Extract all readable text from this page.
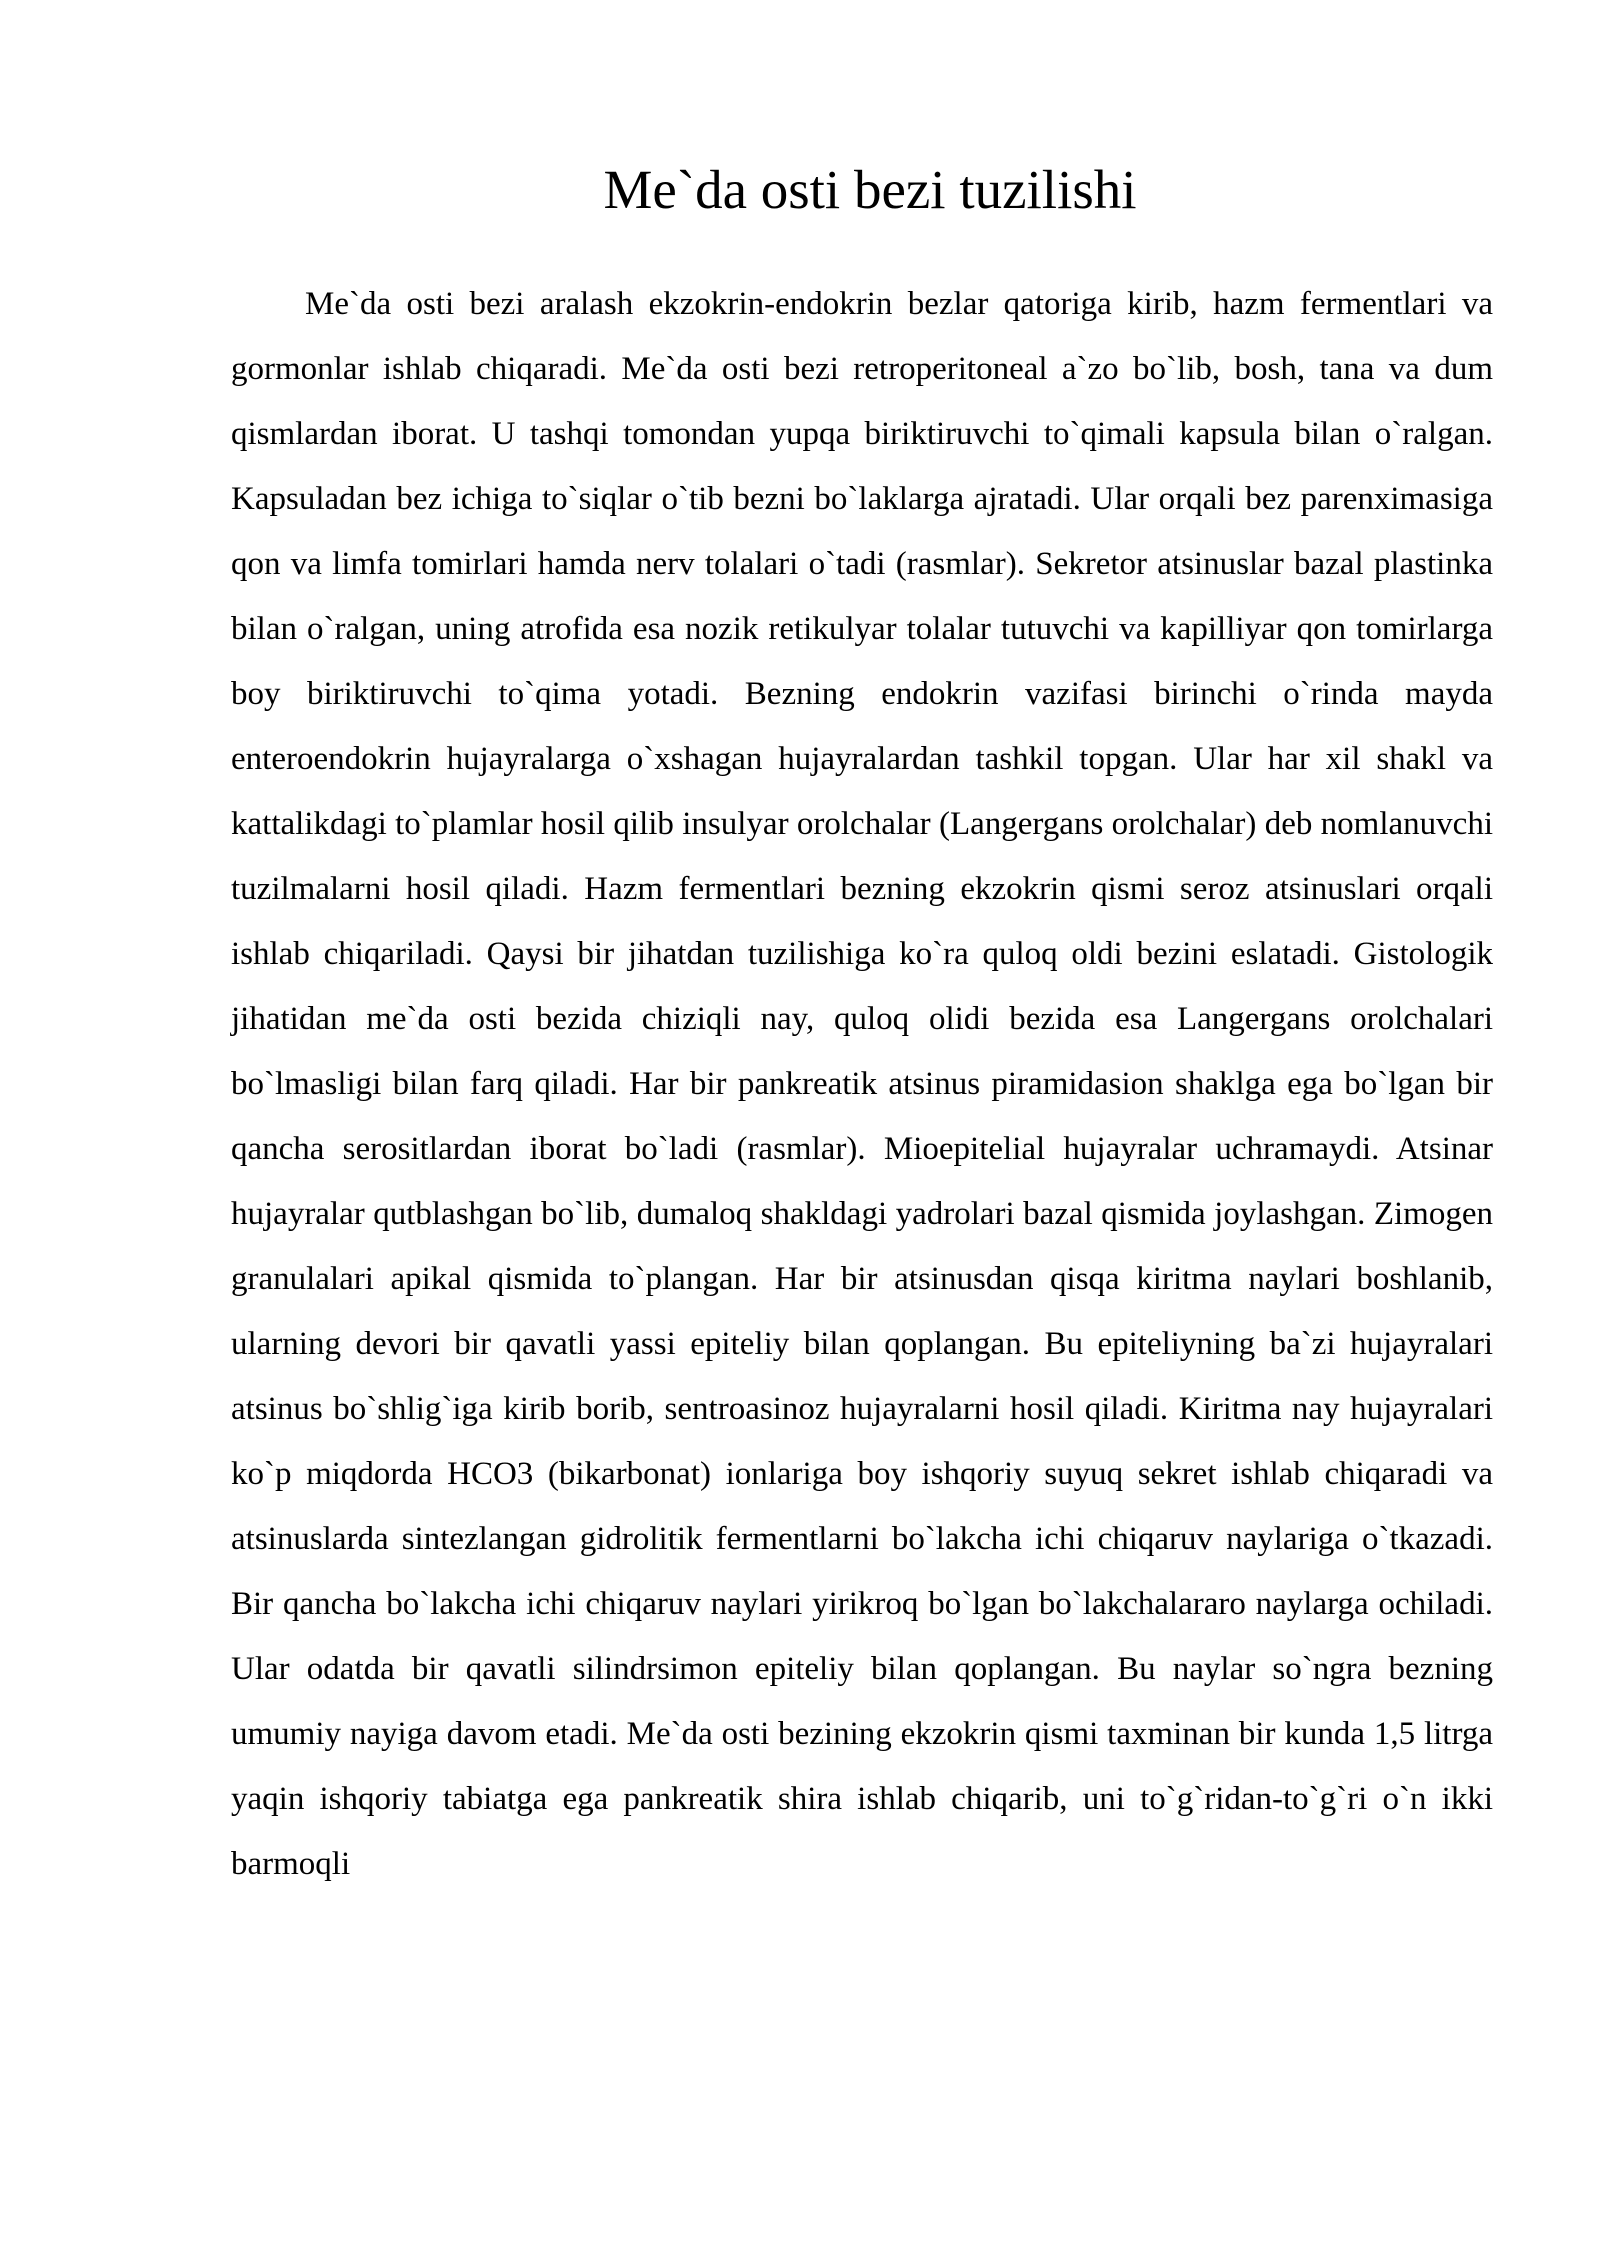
Me`da osti bezi tuzilishi

Me`da osti bezi aralash ekzokrin-endokrin bezlar qatoriga kirib, hazm fermentlari va gormonlar ishlab chiqaradi. Me`da osti bezi retroperitoneal a`zo bo`lib, bosh, tana va dum qismlardan iborat. U tashqi tomondan yupqa biriktiruvchi to`qimali kapsula bilan o`ralgan. Kapsuladan bez ichiga to`siqlar o`tib bezni bo`laklarga ajratadi. Ular orqali bez parenximasiga qon va limfa tomirlari hamda nerv tolalari o`tadi (rasmlar). Sekretor atsinuslar bazal plastinka bilan o`ralgan, uning atrofida esa nozik retikulyar tolalar tutuvchi va kapilliyar qon tomirlarga boy biriktiruvchi to`qima yotadi. Bezning endokrin vazifasi birinchi o`rinda mayda enteroendokrin hujayralarga o`xshagan hujayralardan tashkil topgan. Ular har xil shakl va kattalikdagi to`plamlar hosil qilib insulyar orolchalar (Langergans orolchalar) deb nomlanuvchi tuzilmalarni hosil qiladi. Hazm fermentlari bezning ekzokrin qismi seroz atsinuslari orqali ishlab chiqariladi. Qaysi bir jihatdan tuzilishiga ko`ra quloq oldi bezini eslatadi. Gistologik jihatidan me`da osti bezida chiziqli nay, quloq olidi bezida esa Langergans orolchalari bo`lmasligi bilan farq qiladi. Har bir pankreatik atsinus piramidasion shaklga ega bo`lgan bir qancha serositlardan iborat bo`ladi (rasmlar). Mioepitelial hujayralar uchramaydi. Atsinar hujayralar qutblashgan bo`lib, dumaloq shakldagi yadrolari bazal qismida joylashgan. Zimogen granulalari apikal qismida to`plangan. Har bir atsinusdan qisqa kiritma naylari boshlanib, ularning devori bir qavatli yassi epiteliy bilan qoplangan. Bu epiteliyning ba`zi hujayralari atsinus bo`shlig`iga kirib borib, sentroasinoz hujayralarni hosil qiladi. Kiritma nay hujayralari ko`p miqdorda HCO3 (bikarbonat) ionlariga boy ishqoriy suyuq sekret ishlab chiqaradi va atsinuslarda sintezlangan gidrolitik fermentlarni bo`lakcha ichi chiqaruv naylariga o`tkazadi. Bir qancha bo`lakcha ichi chiqaruv naylari yirikroq bo`lgan bo`lakchalararo naylarga ochiladi. Ular odatda bir qavatli silindrsimon epiteliy bilan qoplangan. Bu naylar so`ngra bezning umumiy nayiga davom etadi. Me`da osti bezining ekzokrin qismi taxminan bir kunda 1,5 litrga yaqin ishqoriy tabiatga ega pankreatik shira ishlab chiqarib, uni to`g`ridan-to`g`ri o`n ikki barmoqli
